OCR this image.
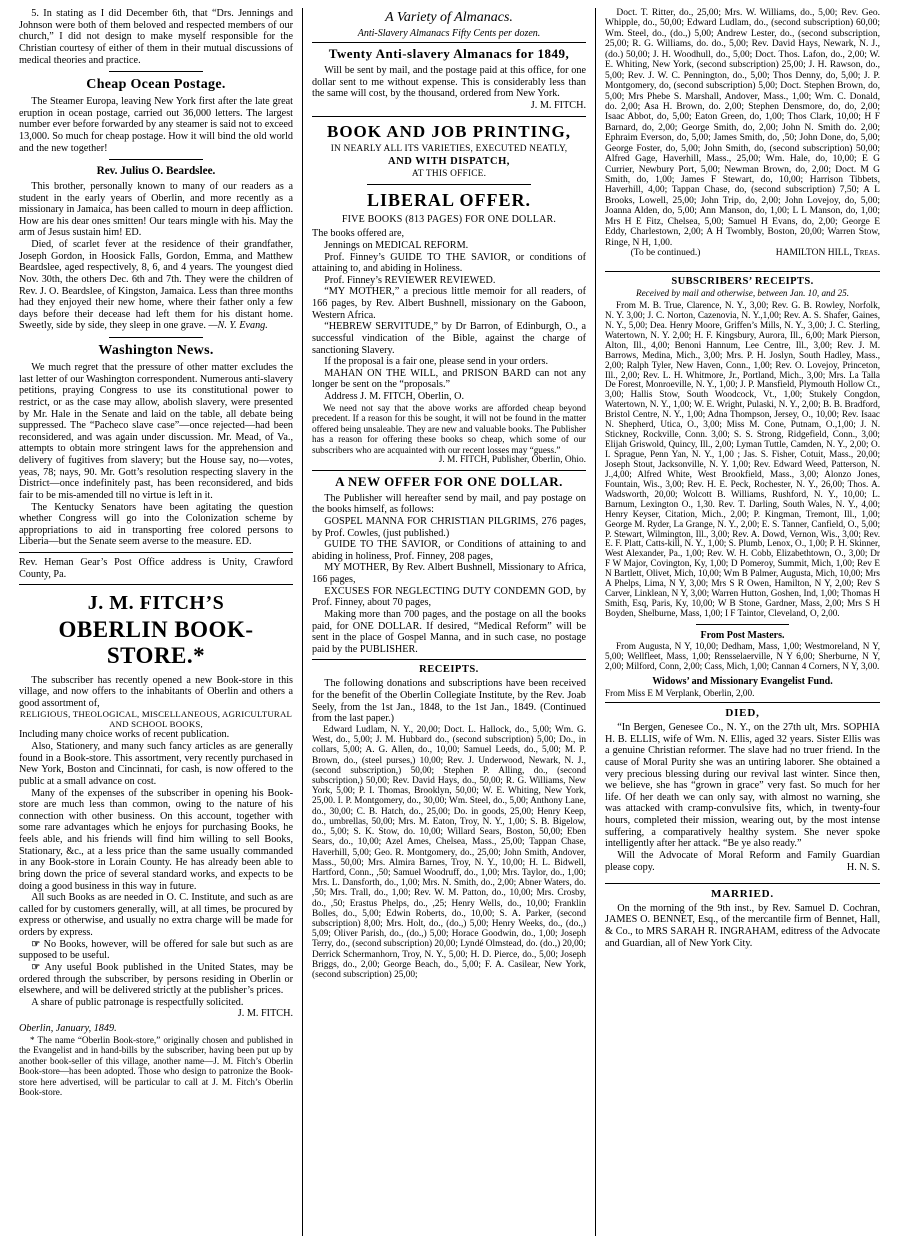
5. In stating as I did December 6th, that “Drs. Jennings and Johnson were both of them beloved and respected members of our church,” I did not design to make myself responsible for the Christian courtesy of either of them in their mutual discussions of medical theories and practice.

Cheap Ocean Postage.

The Steamer Europa, leaving New York first after the late great eruption in ocean postage, carried out 36,000 letters. The largest number ever before forwarded by any steamer is said not to exceed 13,000. So much for cheap postage. How it will bind the old world and the new together!

Rev. Julius O. Beardslee.

This brother, personally known to many of our readers as a student in the early years of Oberlin, and more recently as a missionary in Jamaica, has been called to mourn in deep affliction. How are his dear ones smitten! Our tears mingle with his. May the arm of Jesus sustain him! ED.

Died, of scarlet fever at the residence of their grandfather, Joseph Gordon, in Hoosick Falls, Gordon, Emma, and Matthew Beardslee, aged respectively, 8, 6, and 4 years. The youngest died Nov. 30th, the others Dec. 6th and 7th. They were the children of Rev. J. O. Beardslee, of Kingston, Jamaica. Less than three months had they enjoyed their new home, where their father only a few days before their decease had left them for his distant home. Sweetly, side by side, they sleep in one grave. —N. Y. Evang.

Washington News.

We much regret that the pressure of other matter excludes the last letter of our Washington correspondent. Numerous anti-slavery petitions, praying Congress to use its constitutional power to restrict, or as the case may allow, abolish slavery, were presented by Mr. Hale in the Senate and laid on the table, all debate being suppressed. The “Pacheco slave case”—once rejected—had been reconsidered, and was again under discussion. Mr. Mead, of Va., attempts to obtain more stringent laws for the apprehension and delivery of fugitives from slavery; but the House say, no—votes, yeas, 78; nays, 90. Mr. Gott’s resolution respecting slavery in the District—once indefinitely past, has been reconsidered, and bids fair to be mis-amended till no virtue is left in it.

The Kentucky Senators have been agitating the question whether Congress will go into the Colonization scheme by appropriations to aid in transporting free colored persons to Liberia—but the Senate seem averse to the measure. ED.

Rev. Heman Gear’s Post Office address is Unity, Crawford County, Pa.

J. M. FITCH’S
OBERLIN BOOK-STORE.*

The subscriber has recently opened a new Book-store in this village, and now offers to the inhabitants of Oberlin and others a good assortment of,

RELIGIOUS, THEOLOGICAL, MISCELLANEOUS, AGRICULTURAL AND SCHOOL BOOKS,

Including many choice works of recent publication.

Also, Stationery, and many such fancy articles as are generally found in a Book-store. This assortment, very recently purchased in New York, Boston and Cincinnati, for cash, is now offered to the public at a small advance on cost.

Many of the expenses of the subscriber in opening his Book-store are much less than common, owing to the nature of his connection with other business. On this account, together with some rare advantages which he enjoys for purchasing Books, he feels able, and his friends will find him willing to sell Books, Stationary, &c., at a less price than the same usually commanded in any Book-store in Lorain County. He has already been able to bring down the price of several standard works, and expects to be doing a good business in this way in future.

All such Books as are needed in O. C. Institute, and such as are called for by customers generally, will, at all times, be procured by express or otherwise, and usually no extra charge will be made for orders by express.

☞ No Books, however, will be offered for sale but such as are supposed to be useful.

☞ Any useful Book published in the United States, may be ordered through the subscriber, by persons residing in Oberlin or elsewhere, and will be delivered strictly at the publisher’s prices.

A share of public patronage is respectfully solicited.

J. M. FITCH.

Oberlin, January, 1849.

* The name “Oberlin Book-store,” originally chosen and published in the Evangelist and in hand-bills by the subscriber, having been put up by another book-seller of this village, another name—J. M. Fitch’s Oberlin Book-store—has been adopted. Those who design to patronize the Book-store here advertised, will be particular to call at J. M. Fitch’s Oberlin Book-store.

A Variety of Almanacs.
Anti-Slavery Almanacs Fifty Cents per dozen.
Twenty Anti-slavery Almanacs for 1849,

Will be sent by mail, and the postage paid at this office, for one dollar sent to me without expense. This is considerably less than the same will cost, by the thousand, ordered from New York.

J. M. FITCH.

BOOK AND JOB PRINTING,
IN NEARLY ALL ITS VARIETIES, EXECUTED NEATLY,
AND WITH DISPATCH,
AT THIS OFFICE.
LIBERAL OFFER.
FIVE BOOKS (813 PAGES) FOR ONE DOLLAR.

The books offered are,

Jennings on MEDICAL REFORM.

Prof. Finney’s GUIDE TO THE SAVIOR, or conditions of attaining to, and abiding in Holiness.

Prof. Finney’s REVIEWER REVIEWED.

“MY MOTHER,” a precious little memoir for all readers, of 166 pages, by Rev. Albert Bushnell, missionary on the Gaboon, Western Africa.

“HEBREW SERVITUDE,” by Dr Barron, of Edinburgh, O., a successful vindication of the Bible, against the charge of sanctioning Slavery.

If the proposal is a fair one, please send in your orders.

MAHAN ON THE WILL, and PRISON BARD can not any longer be sent on the “proposals.”

Address J. M. FITCH, Oberlin, O.

We need not say that the above works are afforded cheap beyond precedent. If a reason for this be sought, it will not be found in the matter offered being unsaleable. They are new and valuable books. The Publisher has a reason for offering these books so cheap, which some of our subscribers who are acquainted with our recent losses may “guess.”

J. M. FITCH, Publisher, Oberlin, Ohio.

A NEW OFFER FOR ONE DOLLAR.

The Publisher will hereafter send by mail, and pay postage on the books himself, as follows:

GOSPEL MANNA FOR CHRISTIAN PILGRIMS, 276 pages, by Prof. Cowles, (just published.)

GUIDE TO THE SAVIOR, or Conditions of attaining to and abiding in holiness, Prof. Finney, 208 pages,

MY MOTHER, By Rev. Albert Bushnell, Missionary to Africa, 166 pages,

EXCUSES FOR NEGLECTING DUTY CONDEMN GOD, by Prof. Finney, about 70 pages,

Making more than 700 pages, and the postage on all the books paid, for ONE DOLLAR. If desired, “Medical Reform” will be sent in the place of Gospel Manna, and in such case, no postage paid by the PUBLISHER.

RECEIPTS.

The following donations and subscriptions have been received for the benefit of the Oberlin Collegiate Institute, by the Rev. Joab Seely, from the 1st Jan., 1848, to the 1st Jan., 1849. (Continued from the last paper.)

Edward Ludlam, N. Y., 20,00; Doct. L. Hallock, do., 5,00; Wm. G. West, do., 5,00; J. M. Hubbard do., (second subscription) 5,00; Do., in collars, 5,00; A. G. Allen, do., 10,00; Samuel Leeds, do., 5,00; M. P. Brown, do., (steel purses,) 10,00; Rev. J. Underwood, Newark, N. J., (second subscription,) 50,00; Stephen P. Alling, do., (second subscription,) 50,00; Rev. David Hays, do., 50,00; R. G. Williams, New York, 5,00; P. I. Thomas, Brooklyn, 50,00; W. E. Whiting, New York, 25,00. I. P. Montgomery, do., 30,00; Wm. Steel, do., 5,00; Anthony Lane, do., 30,00; C. B. Hatch, do., 25,00; Do. in goods, 25,00; Henry Keep, do., umbrellas, 50,00; Mrs. M. Eaton, Troy, N. Y., 1,00; S. B. Bigelow, do., 5,00; S. K. Stow, do. 10,00; Willard Sears, Boston, 50,00; Eben Sears, do., 10,00; Azel Ames, Chelsea, Mass., 25,00; Tappan Chase, Haverhill, 5,00; Geo. R. Montgomery, do., 25,00; John Smith, Andover, Mass., 50,00; Mrs. Almira Barnes, Troy, N. Y., 10,00; H. L. Bidwell, Hartford, Conn., ,50; Samuel Woodruff, do., 1,00; Mrs. Taylor, do., 1,00; Mrs. L. Dansforth, do., 1,00; Mrs. N. Smith, do., 2,00; Abner Waters, do. ,50; Mrs. Trall, do., 1,00; Rev. W. M. Patton, do., 10,00; Mrs. Crosby, do., ,50; Erastus Phelps, do., ,25; Henry Wells, do., 10,00; Franklin Bolles, do., 5,00; Edwin Roberts, do., 10,00; S. A. Parker, (second subscription) 8,00; Mrs. Holt, do., (do.,) 5,00; Henry Weeks, do., (do.,) 5,09; Oliver Parish, do., (do.,) 5,00; Horace Goodwin, do., 1,00; Joseph Terry, do., (second subscription) 20,00; Lyndé Olmstead, do. (do.,) 20,00; Derrick Schermanhorn, Troy, N. Y., 5,00; H. D. Pierce, do., 5,00; Joseph Briggs, do., 2,00; George Beach, do., 5,00; F. A. Casilear, New York, (second subscription) 25,00;

Doct. T. Ritter, do., 25,00; Mrs. W. Williams, do., 5,00; Rev. Geo. Whipple, do., 50,00; Edward Ludlam, do., (second subscription) 60,00; Wm. Steel, do., (do.,) 5,00; Andrew Lester, do., (second subscription, 25,00; R. G. Williams, do. do., 5,00; Rev. David Hays, Newark, N. J., (do.) 50,00; J. H. Woodhull, do., 5,00; Doct. Thos. Lafon, do., 2,00; W. E. Whiting, New York, (second subscription) 25,00; J. H. Rawson, do., 5,00; Rev. J. W. C. Pennington, do., 5,00; Thos Denny, do, 5,00; J. P. Montgomery, do, (second subscription) 5,00; Doct. Stephen Brown, do, 5,00; Mrs Phebe S. Marshall, Andover, Mass., 1,00; Wm. C. Donald, do. 2,00; Asa H. Brown, do. 2,00; Stephen Densmore, do, do, 2,00; Isaac Abbot, do, 5,00; Eaton Green, do, 1,00; Thos Clark, 10,00; H F Barnard, do, 2,00; George Smith, do, 2,00; John N. Smith do. 2,00; Ephraim Everson, do, 5,00; James Smith, do, ,50; John Done, do, 5,00; George Foster, do, 5,00; John Smith, do, (second subscription) 50,00; Alfred Gage, Haverhill, Mass., 25,00; Wm. Hale, do, 10,00; E G Currier, Newbury Port, 5,00; Newman Brown, do, 2,00; Doct. M G Smith, do, 1,00; James F Stewart, do, 10,00; Harrison Tibbets, Haverhill, 4,00; Tappan Chase, do, (second subscription) 7,50; A L Brooks, Lowell, 25,00; John Trip, do, 2,00; John Lovejoy, do, 5,00; Joanna Alden, do, 5,00; Ann Manson, do, 1,00; L L Manson, do, 1,00; Mrs H E Fitz, Chelsea, 5,00; Samuel H Evans, do, 2,00; George E Eddy, Charlestown, 2,00; A H Twombly, Boston, 20,00; Warren Stow, Ringe, N H, 1,00.

(To be continued.)	HAMILTON HILL, Treas.

SUBSCRIBERS’ RECEIPTS.
Received by mail and otherwise, between Jan. 10, and 25.

From M. B. True, Clarence, N. Y., 3,00; Rev. G. B. Rowley, Norfolk, N. Y. 3,00; J. C. Norton, Cazenovia, N. Y.,1,00; Rev. A. S. Shafer, Gaines, N. Y., 5,00; Dea. Henry Moore, Griffen’s Mills, N. Y., 3,00; J. C. Sterling, Watertown, N. Y. 2,00; H. F. Kingsbury, Aurora, Ill., 6,00; Mark Pierson, Alton, Ill., 4,00; Benoni Hannum, Lee Centre, Ill., 3,00; Rev. J. M. Barrows, Medina, Mich., 3,00; Mrs. P. H. Joslyn, South Hadley, Mass., 2,00; Ralph Tyler, New Haven, Conn., 1,00; Rev. O. Lovejoy, Princeton, Ill., 2,00; Rev. L. H. Whitmore, Jr., Portland, Mich., 3,00; Mrs. La Talla De Forest, Monroeville, N. Y., 1,00; J. P. Mansfield, Plymouth Hollow Ct., 3,00; Hallis Stow, South Woodcock, Vt., 1,00; Stukely Congdon, Watertown, N. Y., 1,00; W. E. Wright, Pulaski, N. Y., 2,00; B. B. Bradford, Bristol Centre, N. Y., 1,00; Adna Thompson, Jersey, O., 10,00; Rev. Isaac N. Shepherd, Utica, O., 3,00; Miss M. Cone, Putnam, O.,1,00; J. N. Stickney, Rockville, Conn. 3,00; S. S. Strong, Ridgefield, Conn., 3,00; Elijah Griswold, Quincy, Ill., 2,00; Lyman Tuttle, Camden, N. Y., 2,00; O. I. Sprague, Penn Yan, N. Y., 1,00 ; Jas. S. Fisher, Cotuit, Mass., 20,00; Joseph Stout, Jacksonville, N. Y. 1,00; Rev. Edward Weed, Patterson, N. J.,4,00; Alfred White, West Brookfield, Mass., 3,00; Alonzo Jones, Fountain, Wis., 3,00; Rev. H. E. Peck, Rochester, N. Y., 26,00; Thos. A. Wadsworth, 20,00; Wolcott B. Williams, Rushford, N. Y., 10,00; L. Barnum, Lexington O., 1,30. Rev. T. Darling, South Wales, N. Y., 4,00; Henry Keyser, Citation, Mich., 2,00; P. Kingman, Tremont, Ill., 1,00; George M. Ryder, La Grange, N. Y., 2,00; E. S. Tanner, Canfield, O., 5,00; P. Stewart, Wilmington, Ill., 3,00; Rev. A. Dowd, Vernon, Wis., 3,00; Rev. E. F. Platt, Catts-kill, N. Y., 1,00; S. Plumb, Lenox, O., 1,00; P. H. Skinner, West Alexander, Pa., 1,00; Rev. W. H. Cobb, Elizabethtown, O., 3,00; Dr F W Major, Covington, Ky, 1,00; D Pomeroy, Summit, Mich, 1,00; Rev E N Bartlett, Olivet, Mich, 10,00; Wm B Palmer, Augusta, Mich, 10,00; Mrs A Phelps, Lima, N Y, 3,00; Mrs S R Owen, Hamilton, N Y, 2,00; Rev S Carver, Linklean, N Y, 3,00; Warren Hutton, Goshen, Ind, 1,00; Thomas H Smith, Esq, Paris, Ky, 10,00; W B Stone, Gardner, Mass, 2,00; Mrs S H Boyden, Shelburne, Mass, 1,00; I F Taintor, Cleveland, O, 2,00.

From Post Masters.

From Augusta, N Y, 10,00; Dedham, Mass, 1,00; Westmoreland, N Y, 5,00; Wellfleet, Mass, 1,00; Rensselaerville, N Y 6,00; Sherburne, N Y, 2,00; Milford, Conn, 2,00; Cass, Mich, 1,00; Cannan 4 Corners, N Y, 3,00.

Widows’ and Missionary Evangelist Fund.

From Miss E M Verplank, Oberlin, 2,00.

DIED,

“In Bergen, Genesee Co., N. Y., on the 27th ult, Mrs. SOPHIA H. B. ELLIS, wife of Wm. N. Ellis, aged 32 years. Sister Ellis was a genuine Christian reformer. The slave had no truer friend. In the cause of Moral Purity she was an untiring laborer. She obtained a very precious blessing during our revival last winter. Since then, we believe, she has “grown in grace” very fast. So much for her life. Of her death we can only say, with almost no warning, she was attacked with cramp-convulsive fits, which, in twenty-four hours, completed their mission, wearing out, by the most intense suffering, a comparatively healthy system. She never spoke intelligently after her attack. “Be ye also ready.”

Will the Advocate of Moral Reform and Family Guardian please copy.	H. N. S.

MARRIED.

On the morning of the 9th inst., by Rev. Samuel D. Cochran, JAMES O. BENNET, Esq., of the mercantile firm of Bennet, Hall, & Co., to MRS SARAH R. INGRAHAM, editress of the Advocate and Guardian, all of New York City.
